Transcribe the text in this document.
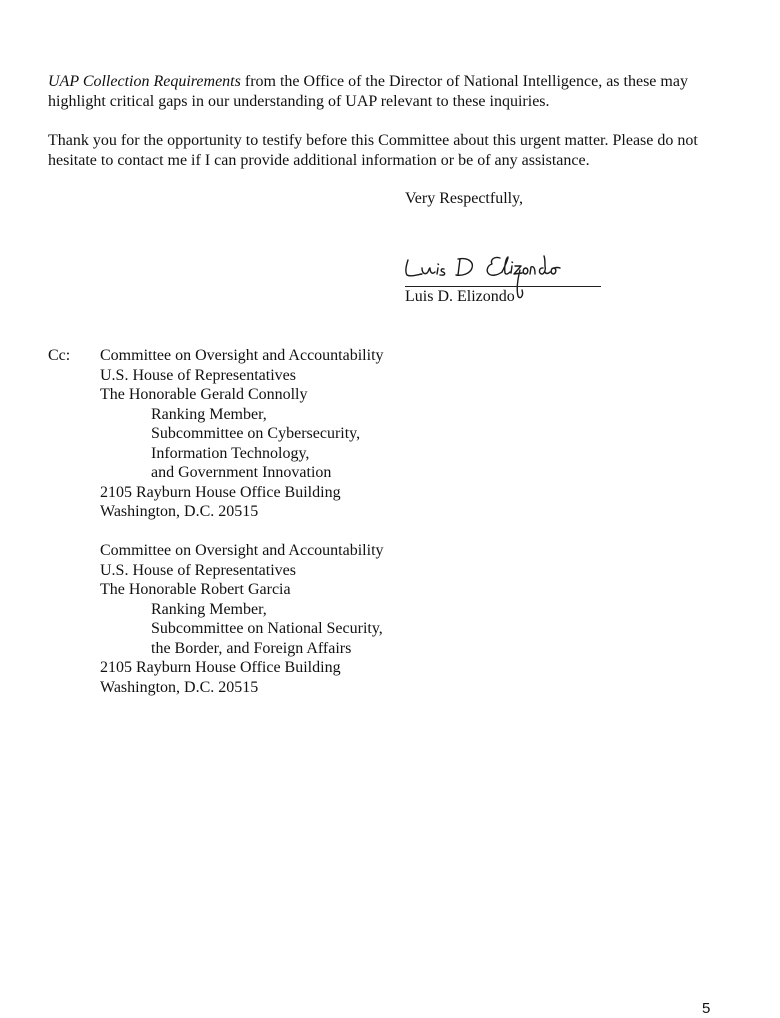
UAP Collection Requirements from the Office of the Director of National Intelligence, as these may highlight critical gaps in our understanding of UAP relevant to these inquiries.

Thank you for the opportunity to testify before this Committee about this urgent matter. Please do not hesitate to contact me if I can provide additional information or be of any assistance.

Very Respectfully,
Luis D. Elizondo
Cc: Committee on Oversight and Accountability
U.S. House of Representatives
The Honorable Gerald Connolly
Ranking Member,
Subcommittee on Cybersecurity,
Information Technology,
and Government Innovation
2105 Rayburn House Office Building
Washington, D.C. 20515
Committee on Oversight and Accountability
U.S. House of Representatives
The Honorable Robert Garcia
Ranking Member,
Subcommittee on National Security,
the Border, and Foreign Affairs
2105 Rayburn House Office Building
Washington, D.C. 20515
5
